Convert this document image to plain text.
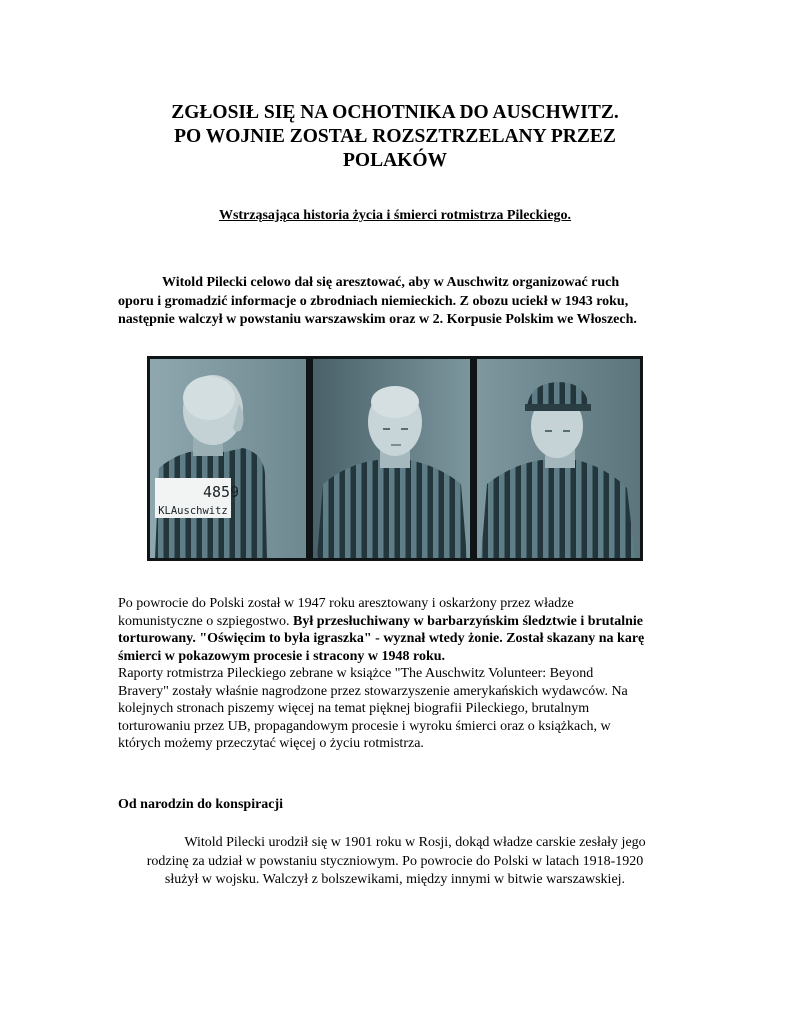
ZGŁOSIŁ SIĘ NA OCHOTNIKA DO AUSCHWITZ.
PO WOJNIE ZOSTAŁ ROZSZTRZELANY PRZEZ
POLAKÓW

Wstrząsająca historia życia i śmierci rotmistrza Pileckiego.

Witold Pilecki celowo dał się aresztować, aby w Auschwitz organizować ruch
oporu i gromadzić informacje o zbrodniach niemieckich. Z obozu uciekł w 1943 roku,
następnie walczył w powstaniu warszawskim oraz w 2. Korpusie Polskim we Włoszech.

4859
KLAuschwitz
Po powrocie do Polski został w 1947 roku aresztowany i oskarżony przez władze
komunistyczne o szpiegostwo. Był przesłuchiwany w barbarzyńskim śledztwie i brutalnie
torturowany. "Oświęcim to była igraszka" - wyznał wtedy żonie. Został skazany na karę
śmierci w pokazowym procesie i stracony w 1948 roku.
Raporty rotmistrza Pileckiego zebrane w książce "The Auschwitz Volunteer: Beyond
Bravery" zostały właśnie nagrodzone przez stowarzyszenie amerykańskich wydawców. Na
kolejnych stronach piszemy więcej na temat pięknej biografii Pileckiego, brutalnym
torturowaniu przez UB, propagandowym procesie i wyroku śmierci oraz o książkach, w
których możemy przeczytać więcej o życiu rotmistrza.

Od narodzin do konspiracji

Witold Pilecki urodził się w 1901 roku w Rosji, dokąd władze carskie zesłały jego
rodzinę za udział w powstaniu styczniowym. Po powrocie do Polski w latach 1918-1920
służył w wojsku. Walczył z bolszewikami, między innymi w bitwie warszawskiej.
